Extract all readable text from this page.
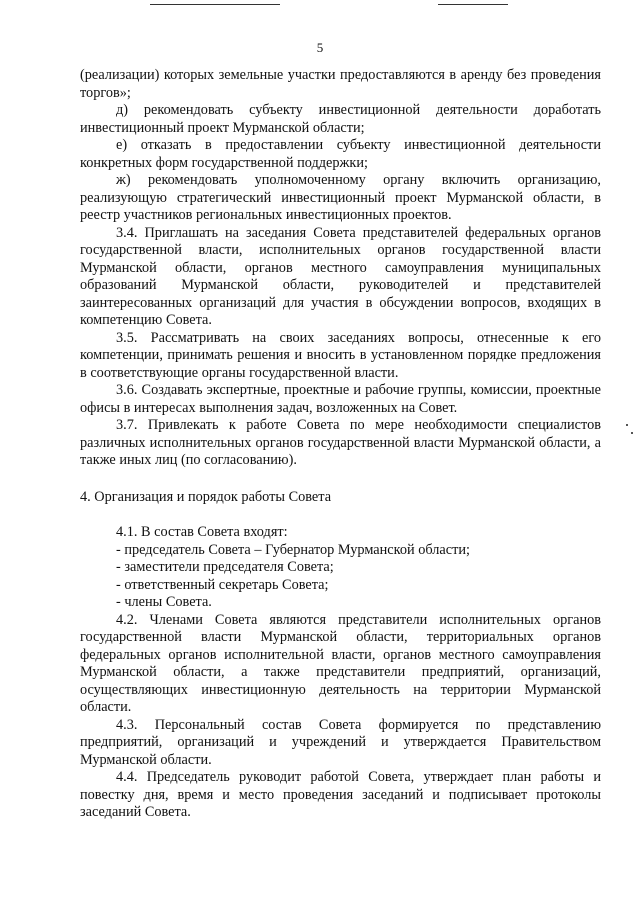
5

(реализации) которых земельные участки предоставляются в аренду без проведения торгов»;

д) рекомендовать субъекту инвестиционной деятельности доработать инвестиционный проект Мурманской области;

е) отказать в предоставлении субъекту инвестиционной деятельности конкретных форм государственной поддержки;

ж) рекомендовать уполномоченному органу включить организацию, реализующую стратегический инвестиционный проект Мурманской области, в реестр участников региональных инвестиционных проектов.

3.4. Приглашать на заседания Совета представителей федеральных органов государственной власти, исполнительных органов государственной власти Мурманской области, органов местного самоуправления муниципальных образований Мурманской области, руководителей и представителей заинтересованных организаций для участия в обсуждении вопросов, входящих в компетенцию Совета.

3.5. Рассматривать на своих заседаниях вопросы, отнесенные к его компетенции, принимать решения и вносить в установленном порядке предложения в соответствующие органы государственной власти.

3.6. Создавать экспертные, проектные и рабочие группы, комиссии, проектные офисы в интересах выполнения задач, возложенных на Совет.

3.7. Привлекать к работе Совета по мере необходимости специалистов различных исполнительных органов государственной власти Мурманской области, а также иных лиц (по согласованию).

4. Организация и порядок работы Совета

4.1. В состав Совета входят:

- председатель Совета – Губернатор Мурманской области;

- заместители председателя Совета;

- ответственный секретарь Совета;

- члены Совета.

4.2. Членами Совета являются представители исполнительных органов государственной власти Мурманской области, территориальных органов федеральных органов исполнительной власти, органов местного самоуправления Мурманской области, а также представители предприятий, организаций, осуществляющих инвестиционную деятельность на территории Мурманской области.

4.3. Персональный состав Совета формируется по представлению предприятий, организаций и учреждений и утверждается Правительством Мурманской области.

4.4. Председатель руководит работой Совета, утверждает план работы и повестку дня, время и место проведения заседаний и подписывает протоколы заседаний Совета.
